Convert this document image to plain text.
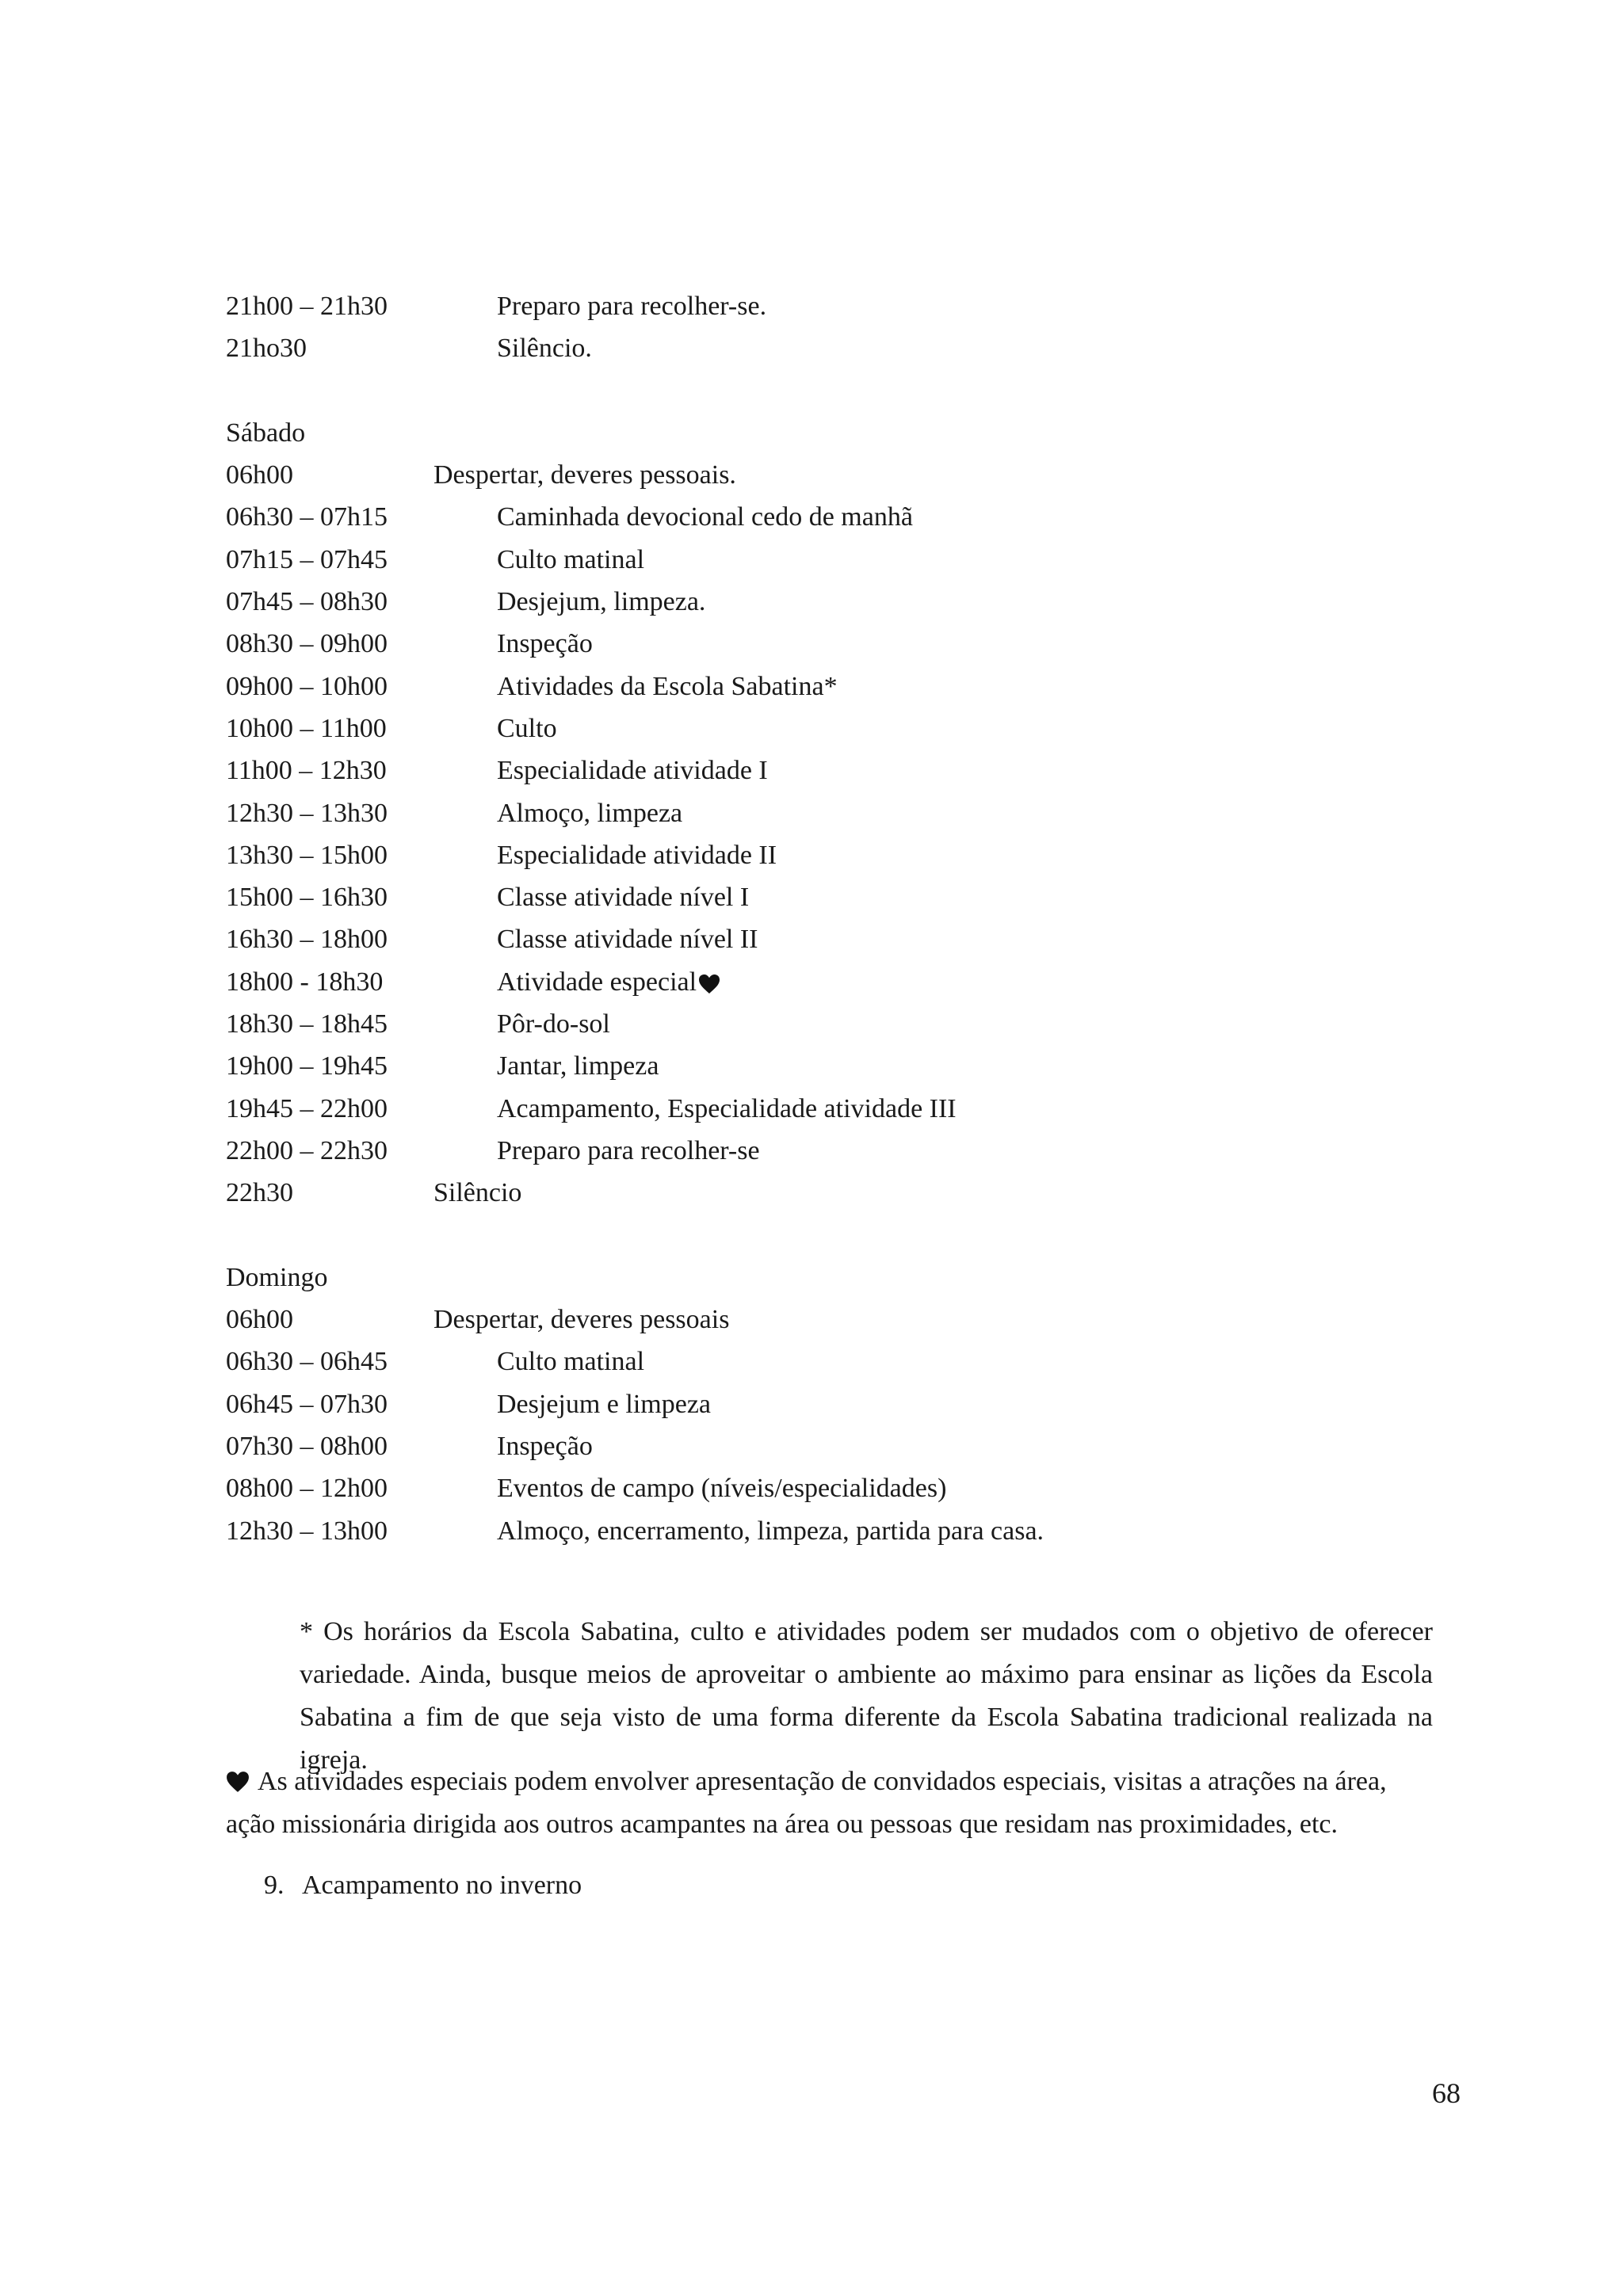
21h00 – 21h30	Preparo para recolher-se.
21ho30	Silêncio.
Sábado
06h00	Despertar, deveres pessoais.
06h30 – 07h15	Caminhada devocional cedo de manhã
07h15 – 07h45	Culto matinal
07h45 – 08h30	Desjejum, limpeza.
08h30 – 09h00	Inspeção
09h00 – 10h00	Atividades da Escola Sabatina*
10h00 – 11h00	Culto
11h00 – 12h30	Especialidade atividade I
12h30 – 13h30	Almoço, limpeza
13h30 – 15h00	Especialidade atividade II
15h00 – 16h30	Classe atividade nível I
16h30 – 18h00	Classe atividade nível II
18h00 - 18h30	Atividade especial
18h30 – 18h45	Pôr-do-sol
19h00 – 19h45	Jantar, limpeza
19h45 – 22h00	Acampamento, Especialidade atividade III
22h00 – 22h30	Preparo para recolher-se
22h30	Silêncio
Domingo
06h00	Despertar, deveres pessoais
06h30 – 06h45	Culto matinal
06h45 – 07h30	Desjejum e limpeza
07h30 – 08h00	Inspeção
08h00 – 12h00	Eventos de campo (níveis/especialidades)
12h30 – 13h00	Almoço, encerramento, limpeza, partida para casa.

* Os horários da Escola Sabatina, culto e atividades podem ser mudados com o objetivo de oferecer variedade. Ainda, busque meios de aproveitar o ambiente ao máximo para ensinar as lições da Escola Sabatina a fim de que seja visto de uma forma diferente da Escola Sabatina tradicional realizada na igreja.

As atividades especiais podem envolver apresentação de convidados especiais, visitas a atrações na área, ação missionária dirigida aos outros acampantes na área ou pessoas que residam nas proximidades, etc.
9. Acampamento no inverno
68
